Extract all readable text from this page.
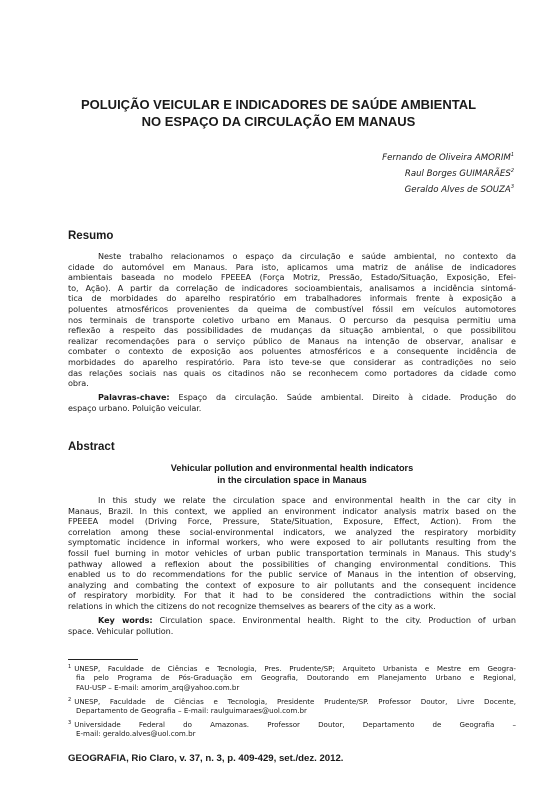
POLUIÇÃO VEICULAR E INDICADORES DE SAÚDE AMBIENTAL
NO ESPAÇO DA CIRCULAÇÃO EM MANAUS
Fernando de Oliveira AMORIM$^1$
Raul Borges GUIMARÃES$^2$
Geraldo Alves de SOUZA$^3$
Resumo
Neste trabalho relacionamos o espaço da circulação e saúde ambiental, no contexto da
cidade do automóvel em Manaus. Para isto, aplicamos uma matriz de análise de indicadores
ambientais baseada no modelo FPEEEA (Força Motriz, Pressão, Estado/Situação, Exposição, Efei-
to, Ação). A partir da correlação de indicadores socioambientais, analisamos a incidência sintomá-
tica de morbidades do aparelho respiratório em trabalhadores informais frente à exposição a
poluentes atmosféricos provenientes da queima de combustível fóssil em veículos automotores
nos terminais de transporte coletivo urbano em Manaus. O percurso da pesquisa permitiu uma
reflexão a respeito das possibilidades de mudanças da situação ambiental, o que possibilitou
realizar recomendações para o serviço público de Manaus na intenção de observar, analisar e
combater o contexto de exposição aos poluentes atmosféricos e a consequente incidência de
morbidades do aparelho respiratório. Para isto teve-se que considerar as contradições no seio
das relações sociais nas quais os citadinos não se reconhecem como portadores da cidade como
obra.
Palavras-chave: Espaço da circulação. Saúde ambiental. Direito à cidade. Produção do
espaço urbano. Poluição veicular.
Abstract
Vehicular pollution and environmental health indicators
in the circulation space in Manaus
In this study we relate the circulation space and environmental health in the car city in
Manaus, Brazil. In this context, we applied an environment indicator analysis matrix based on the
FPEEEA model (Driving Force, Pressure, State/Situation, Exposure, Effect, Action). From the
correlation among these social-environmental indicators, we analyzed the respiratory morbidity
symptomatic incidence in informal workers, who were exposed to air pollutants resulting from the
fossil fuel burning in motor vehicles of urban public transportation terminals in Manaus. This study's
pathway allowed a reflexion about the possibilities of changing environmental conditions. This
enabled us to do recommendations for the public service of Manaus in the intention of observing,
analyzing and combating the context of exposure to air pollutants and the consequent incidence
of respiratory morbidity. For that it had to be considered the contradictions within the social
relations in which the citizens do not recognize themselves as bearers of the city as a work.
Key words: Circulation space. Environmental health. Right to the city. Production of urban
space. Vehicular pollution.
$^1$ UNESP, Faculdade de Ciências e Tecnologia, Pres. Prudente/SP; Arquiteto Urbanista e Mestre em Geogra-
fia pelo Programa de Pós-Graduação em Geografia, Doutorando em Planejamento Urbano e Regional,
FAU-USP – E-mail: amorim_arq@yahoo.com.br
$^2$ UNESP, Faculdade de Ciências e Tecnologia, Presidente Prudente/SP. Professor Doutor, Livre Docente,
Departamento de Geografia – E-mail: raulguimaraes@uol.com.br
$^3$ Universidade Federal do Amazonas. Professor Doutor, Departamento de Geografia –
E-mail: geraldo.alves@uol.com.br

GEOGRAFIA, Rio Claro, v. 37, n. 3, p. 409-429, set./dez. 2012.
